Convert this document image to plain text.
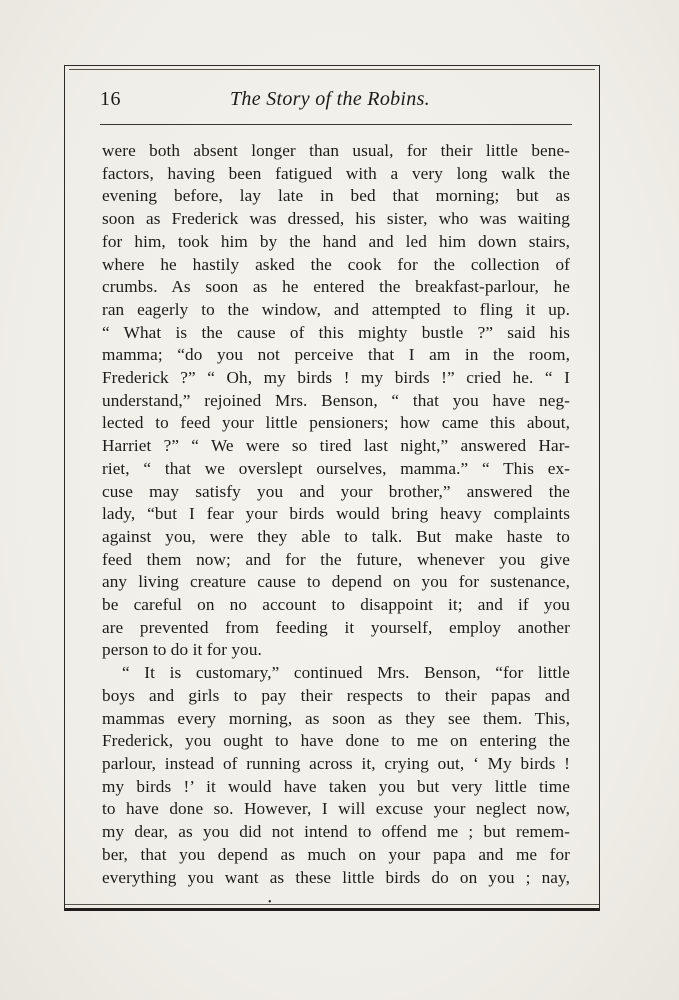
16	The Story of the Robins.
were both absent longer than usual, for their little bene-
factors, having been fatigued with a very long walk the
evening before, lay late in bed that morning; but as
soon as Frederick was dressed, his sister, who was waiting
for him, took him by the hand and led him down stairs,
where he hastily asked the cook for the collection of
crumbs. As soon as he entered the breakfast-parlour, he
ran eagerly to the window, and attempted to fling it up.
“ What is the cause of this mighty bustle ?” said his
mamma; “do you not perceive that I am in the room,
Frederick ?” “ Oh, my birds ! my birds !” cried he. “ I
understand,” rejoined Mrs. Benson, “ that you have neg-
lected to feed your little pensioners; how came this about,
Harriet ?” “ We were so tired last night,” answered Har-
riet, “ that we overslept ourselves, mamma.” “ This ex-
cuse may satisfy you and your brother,” answered the
lady, “but I fear your birds would bring heavy complaints
against you, were they able to talk. But make haste to
feed them now; and for the future, whenever you give
any living creature cause to depend on you for sustenance,
be careful on no account to disappoint it; and if you
are prevented from feeding it yourself, employ another
person to do it for you.
“ It is customary,” continued Mrs. Benson, “for little
boys and girls to pay their respects to their papas and
mammas every morning, as soon as they see them. This,
Frederick, you ought to have done to me on entering the
parlour, instead of running across it, crying out, ‘ My birds !
my birds !’ it would have taken you but very little time
to have done so. However, I will excuse your neglect now,
my dear, as you did not intend to offend me ; but remem-
ber, that you depend as much on your papa and me for
everything you want as these little birds do on you ; nay,
•
